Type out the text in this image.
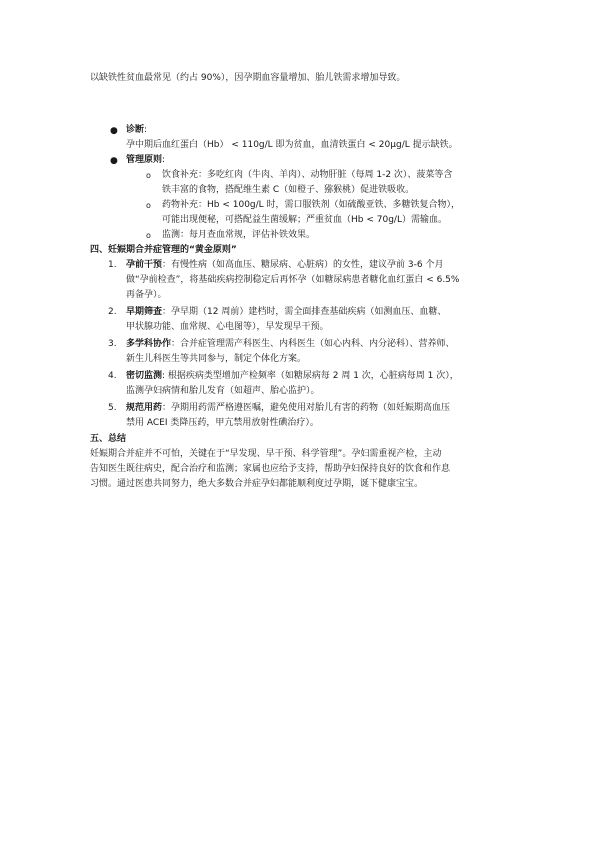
以缺铁性贫血最常见（约占 90%），因孕期血容量增加、胎儿铁需求增加导致。

● 诊断:

孕中期后血红蛋白（Hb） < 110g/L 即为贫血，血清铁蛋白 < 20μg/L 提示缺铁。

● 管理原则:

o 饮食补充：多吃红肉（牛肉、羊肉）、动物肝脏（每周 1-2 次）、菠菜等含

铁丰富的食物，搭配维生素 C（如橙子、猕猴桃）促进铁吸收。

o 药物补充：Hb < 100g/L 时，需口服铁剂（如硫酸亚铁、多糖铁复合物），

可能出现便秘，可搭配益生菌缓解；严重贫血（Hb < 70g/L）需输血。

o 监测：每月查血常规，评估补铁效果。

四、妊娠期合并症管理的“黄金原则”

1. 孕前干预：有慢性病（如高血压、糖尿病、心脏病）的女性，建议孕前 3-6 个月

做“孕前检查”，将基础疾病控制稳定后再怀孕（如糖尿病患者糖化血红蛋白 < 6.5%

再备孕）。

2. 早期筛查：孕早期（12 周前）建档时，需全面排查基础疾病（如测血压、血糖、

甲状腺功能、血常规、心电图等），早发现早干预。

3. 多学科协作：合并症管理需产科医生、内科医生（如心内科、内分泌科）、营养师、

新生儿科医生等共同参与，制定个体化方案。

4. 密切监测: 根据疾病类型增加产检频率（如糖尿病每 2 周 1 次，心脏病每周 1 次），

监测孕妇病情和胎儿发育（如超声、胎心监护）。

5. 规范用药：孕期用药需严格遵医嘱，避免使用对胎儿有害的药物（如妊娠期高血压

禁用 ACEI 类降压药，甲亢禁用放射性碘治疗）。

五、总结

妊娠期合并症并不可怕，关键在于“早发现、早干预、科学管理”。孕妇需重视产检，主动

告知医生既往病史，配合治疗和监测；家属也应给予支持，帮助孕妇保持良好的饮食和作息

习惯。通过医患共同努力，绝大多数合并症孕妇都能顺利度过孕期，诞下健康宝宝。
